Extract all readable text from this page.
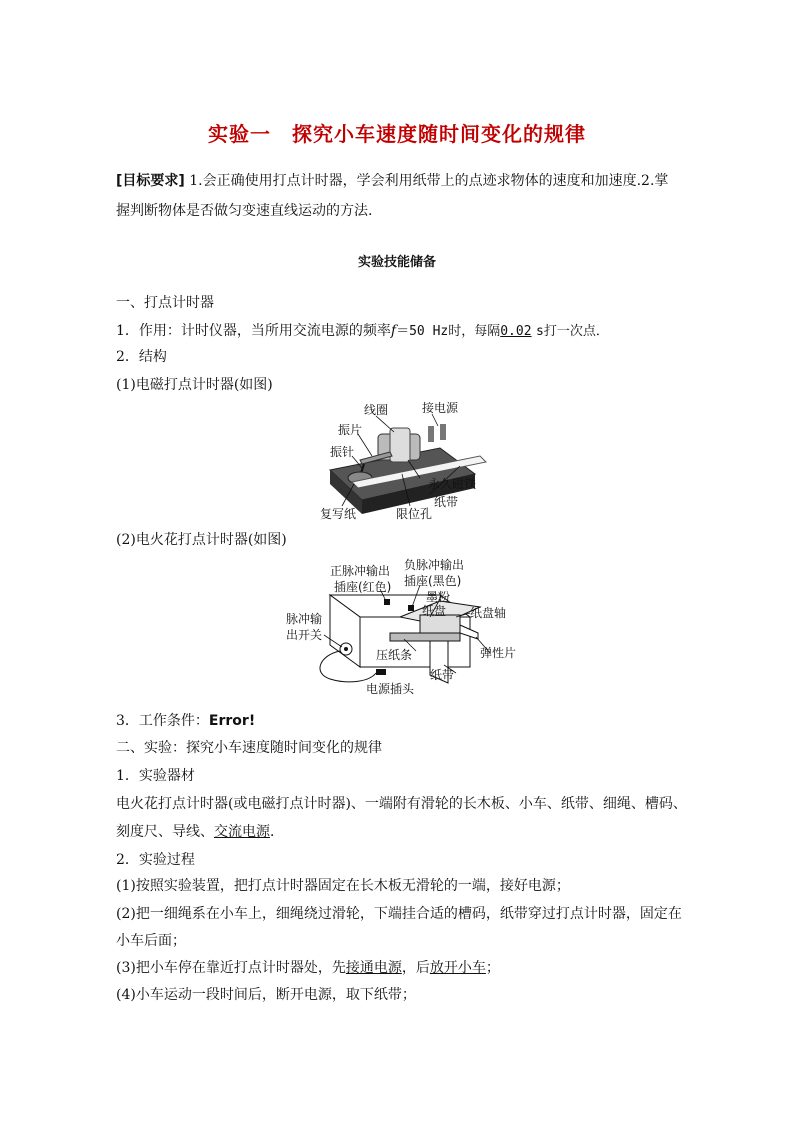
实验一　探究小车速度随时间变化的规律
[目标要求] 1.会正确使用打点计时器，学会利用纸带上的点迹求物体的速度和加速度.2.掌
握判断物体是否做匀变速直线运动的方法.
实验技能储备
一、打点计时器
1．作用：计时仪器，当所用交流电源的频率f＝50 Hz时，每隔0.02 s打一次点．
2．结构
(1)电磁打点计时器(如图)
线圈	接电源
振片
振针
永久磁铁
纸带
复写纸	限位孔
(2)电火花打点计时器(如图)
正脉冲输出
插座(红色)
负脉冲输出
插座(黑色)
墨粉
纸盘 纸盘轴
脉冲输
出开关
压纸条	弹性片
纸带
电源插头
3．工作条件：Error!
二、实验：探究小车速度随时间变化的规律
1．实验器材
电火花打点计时器(或电磁打点计时器)、一端附有滑轮的长木板、小车、纸带、细绳、槽码、
刻度尺、导线、交流电源．
2．实验过程
(1)按照实验装置，把打点计时器固定在长木板无滑轮的一端，接好电源；
(2)把一细绳系在小车上，细绳绕过滑轮，下端挂合适的槽码，纸带穿过打点计时器，固定在
小车后面；
(3)把小车停在靠近打点计时器处，先接通电源，后放开小车；
(4)小车运动一段时间后，断开电源，取下纸带；
